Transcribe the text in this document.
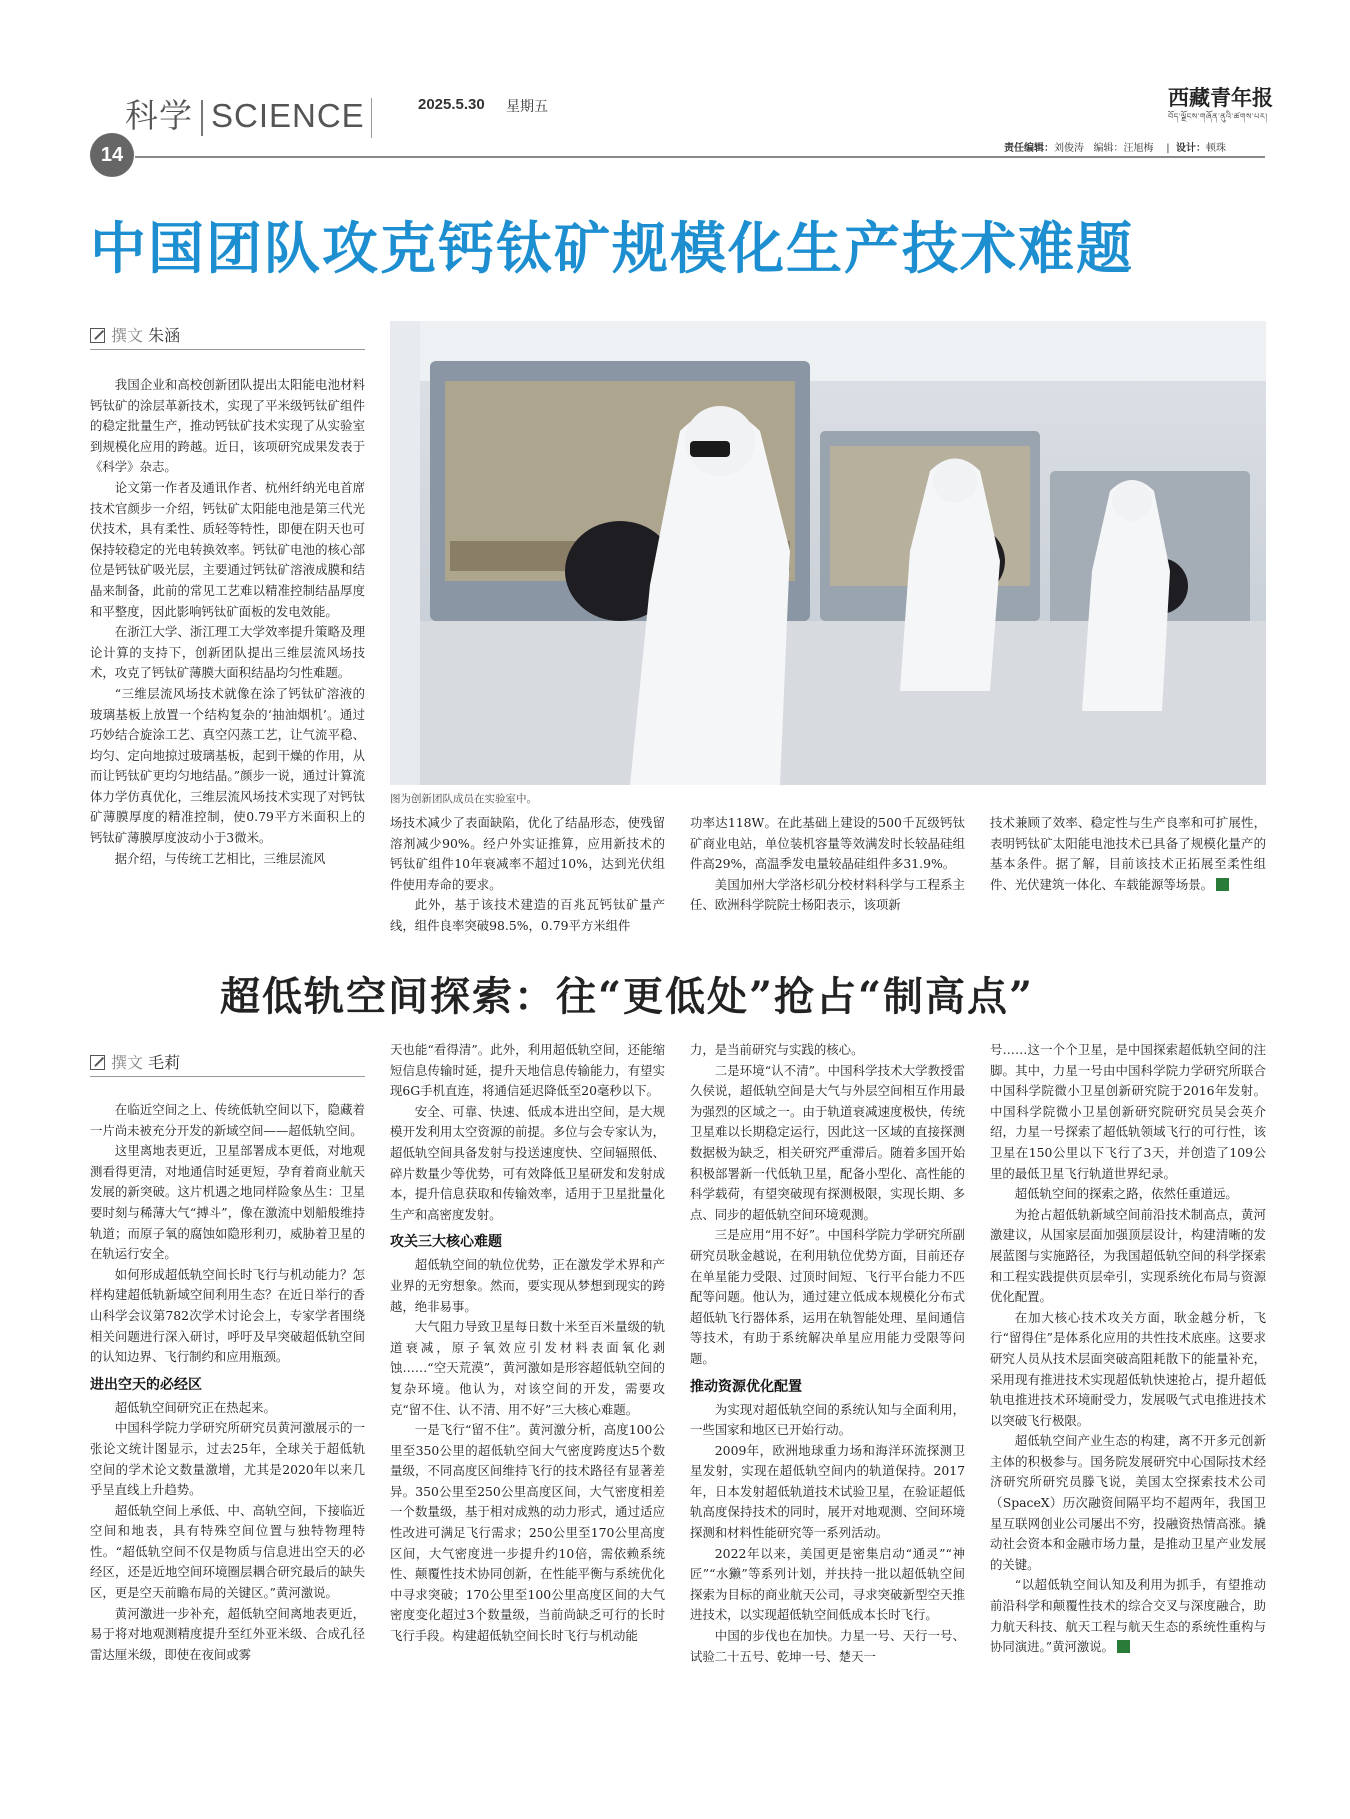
科学 SCIENCE
14
2025.5.30 星期五	西藏青年报
བོད་ལྗོངས་གཞོན་ནུའི་ཚགས་པར།
责任编辑：刘俊涛 编辑：汪旭梅    |  设计：顿珠
中国团队攻克钙钛矿规模化生产技术难题
撰文 朱涵

我国企业和高校创新团队提出太阳能电池材料钙钛矿的涂层革新技术，实现了平米级钙钛矿组件的稳定批量生产，推动钙钛矿技术实现了从实验室到规模化应用的跨越。近日，该项研究成果发表于《科学》杂志。

论文第一作者及通讯作者、杭州纤纳光电首席技术官颜步一介绍，钙钛矿太阳能电池是第三代光伏技术，具有柔性、质轻等特性，即便在阴天也可保持较稳定的光电转换效率。钙钛矿电池的核心部位是钙钛矿吸光层，主要通过钙钛矿溶液成膜和结晶来制备，此前的常见工艺难以精准控制结晶厚度和平整度，因此影响钙钛矿面板的发电效能。

在浙江大学、浙江理工大学效率提升策略及理论计算的支持下，创新团队提出三维层流风场技术，攻克了钙钛矿薄膜大面积结晶均匀性难题。

“三维层流风场技术就像在涂了钙钛矿溶液的玻璃基板上放置一个结构复杂的‘抽油烟机’。通过巧妙结合旋涂工艺、真空闪蒸工艺，让气流平稳、均匀、定向地掠过玻璃基板，起到干燥的作用，从而让钙钛矿更均匀地结晶。”颜步一说，通过计算流体力学仿真优化，三维层流风场技术实现了对钙钛矿薄膜厚度的精准控制，使0.79平方米面积上的钙钛矿薄膜厚度波动小于3微米。

据介绍，与传统工艺相比，三维层流风

图为创新团队成员在实验室中。

场技术减少了表面缺陷，优化了结晶形态，使残留溶剂减少90%。经户外实证推算，应用新技术的钙钛矿组件10年衰减率不超过10%，达到光伏组件使用寿命的要求。

此外，基于该技术建造的百兆瓦钙钛矿量产线，组件良率突破98.5%，0.79平方米组件

功率达118W。在此基础上建设的500千瓦级钙钛矿商业电站，单位装机容量等效满发时长较晶硅组件高29%，高温季发电量较晶硅组件多31.9%。

美国加州大学洛杉矶分校材料科学与工程系主任、欧洲科学院院士杨阳表示，该项新

技术兼顾了效率、稳定性与生产良率和可扩展性，表明钙钛矿太阳能电池技术已具备了规模化量产的基本条件。据了解，目前该技术正拓展至柔性组件、光伏建筑一体化、车载能源等场景。

超低轨空间探索：往“更低处”抢占“制高点”
撰文 毛莉

在临近空间之上、传统低轨空间以下，隐藏着一片尚未被充分开发的新域空间——超低轨空间。

这里离地表更近，卫星部署成本更低，对地观测看得更清，对地通信时延更短，孕育着商业航天发展的新突破。这片机遇之地同样险象丛生：卫星要时刻与稀薄大气“搏斗”，像在激流中划船般维持轨道；而原子氧的腐蚀如隐形利刃，威胁着卫星的在轨运行安全。

如何形成超低轨空间长时飞行与机动能力？怎样构建超低轨新域空间利用生态？在近日举行的香山科学会议第782次学术讨论会上，专家学者围绕相关问题进行深入研讨，呼吁及早突破超低轨空间的认知边界、飞行制约和应用瓶颈。

进出空天的必经区

超低轨空间研究正在热起来。

中国科学院力学研究所研究员黄河激展示的一张论文统计图显示，过去25年，全球关于超低轨空间的学术论文数量激增，尤其是2020年以来几乎呈直线上升趋势。

超低轨空间上承低、中、高轨空间，下接临近空间和地表，具有特殊空间位置与独特物理特性。“超低轨空间不仅是物质与信息进出空天的必经区，还是近地空间环境圈层耦合研究最后的缺失区，更是空天前瞻布局的关键区。”黄河激说。

黄河激进一步补充，超低轨空间离地表更近，易于将对地观测精度提升至红外亚米级、合成孔径雷达厘米级，即使在夜间或雾

天也能“看得清”。此外，利用超低轨空间，还能缩短信息传输时延，提升天地信息传输能力，有望实现6G手机直连，将通信延迟降低至20毫秒以下。

安全、可靠、快速、低成本进出空间，是大规模开发利用太空资源的前提。多位与会专家认为，超低轨空间具备发射与投送速度快、空间辐照低、碎片数量少等优势，可有效降低卫星研发和发射成本，提升信息获取和传输效率，适用于卫星批量化生产和高密度发射。

攻关三大核心难题

超低轨空间的轨位优势，正在激发学术界和产业界的无穷想象。然而，要实现从梦想到现实的跨越，绝非易事。

大气阻力导致卫星每日数十米至百米量级的轨道衰减，原子氧效应引发材料表面氧化剥蚀……“空天荒漠”，黄河激如是形容超低轨空间的复杂环境。他认为，对该空间的开发，需要攻克“留不住、认不清、用不好”三大核心难题。

一是飞行“留不住”。黄河激分析，高度100公里至350公里的超低轨空间大气密度跨度达5个数量级，不同高度区间维持飞行的技术路径有显著差异。350公里至250公里高度区间，大气密度相差一个数量级，基于相对成熟的动力形式，通过适应性改进可满足飞行需求；250公里至170公里高度区间，大气密度进一步提升约10倍，需依赖系统性、颠覆性技术协同创新，在性能平衡与系统优化中寻求突破；170公里至100公里高度区间的大气密度变化超过3个数量级，当前尚缺乏可行的长时飞行手段。构建超低轨空间长时飞行与机动能

力，是当前研究与实践的核心。

二是环境“认不清”。中国科学技术大学教授雷久侯说，超低轨空间是大气与外层空间相互作用最为强烈的区域之一。由于轨道衰减速度极快，传统卫星难以长期稳定运行，因此这一区域的直接探测数据极为缺乏，相关研究严重滞后。随着多国开始积极部署新一代低轨卫星，配备小型化、高性能的科学载荷，有望突破现有探测极限，实现长期、多点、同步的超低轨空间环境观测。

三是应用“用不好”。中国科学院力学研究所副研究员耿金越说，在利用轨位优势方面，目前还存在单星能力受限、过顶时间短、飞行平台能力不匹配等问题。他认为，通过建立低成本规模化分布式超低轨飞行器体系，运用在轨智能处理、星间通信等技术，有助于系统解决单星应用能力受限等问题。

推动资源优化配置

为实现对超低轨空间的系统认知与全面利用，一些国家和地区已开始行动。

2009年，欧洲地球重力场和海洋环流探测卫星发射，实现在超低轨空间内的轨道保持。2017年，日本发射超低轨道技术试验卫星，在验证超低轨高度保持技术的同时，展开对地观测、空间环境探测和材料性能研究等一系列活动。

2022年以来，美国更是密集启动“通灵”“神匠”“水獭”等系列计划，并扶持一批以超低轨空间探索为目标的商业航天公司，寻求突破新型空天推进技术，以实现超低轨空间低成本长时飞行。

中国的步伐也在加快。力星一号、天行一号、试验二十五号、乾坤一号、楚天一

号……这一个个卫星，是中国探索超低轨空间的注脚。其中，力星一号由中国科学院力学研究所联合中国科学院微小卫星创新研究院于2016年发射。中国科学院微小卫星创新研究院研究员吴会英介绍，力星一号探索了超低轨领域飞行的可行性，该卫星在150公里以下飞行了3天，并创造了109公里的最低卫星飞行轨道世界纪录。

超低轨空间的探索之路，依然任重道远。

为抢占超低轨新域空间前沿技术制高点，黄河激建议，从国家层面加强顶层设计，构建清晰的发展蓝图与实施路径，为我国超低轨空间的科学探索和工程实践提供页层牵引，实现系统化布局与资源优化配置。

在加大核心技术攻关方面，耿金越分析，飞行“留得住”是体系化应用的共性技术底座。这要求研究人员从技术层面突破高阻耗散下的能量补充，采用现有推进技术实现超低轨快速抢占，提升超低轨电推进技术环境耐受力，发展吸气式电推进技术以突破飞行极限。

超低轨空间产业生态的构建，离不开多元创新主体的积极参与。国务院发展研究中心国际技术经济研究所研究员滕飞说，美国太空探索技术公司（SpaceX）历次融资间隔平均不超两年，我国卫星互联网创业公司屡出不穷，投融资热情高涨。撬动社会资本和金融市场力量，是推动卫星产业发展的关键。

“以超低轨空间认知及利用为抓手，有望推动前沿科学和颠覆性技术的综合交叉与深度融合，助力航天科技、航天工程与航天生态的系统性重构与协同演进。”黄河激说。
